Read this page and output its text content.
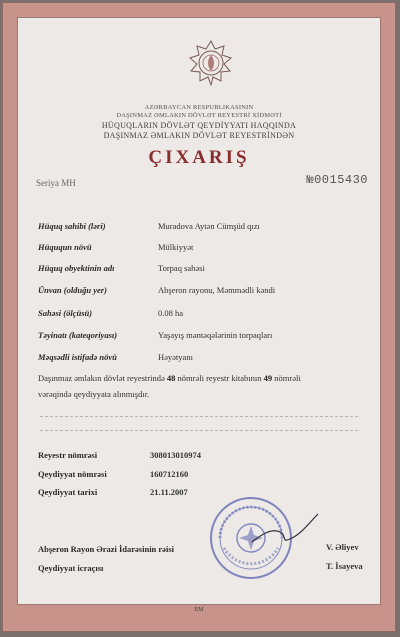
AZƏRBAYCAN RESPUBLIKASININ
DAŞINMAZ ƏMLAKIN DÖVLƏT REYESTRİ XİDMƏTİ
HÜQUQLARIN DÖVLƏT QEYDİYYATI HAQQINDA
DAŞINMAZ ƏMLAKIN DÖVLƏT REYESTRİNDƏN
ÇIXARIŞ
Seriya MH	№0015430
Hüquq sahibi (ləri)	Muradova Aytən Cümşüd qızı
Hüququn növü	Mülkiyyət
Hüquq obyektinin adı	Torpaq sahəsi
Ünvan (olduğu yer)	Abşeron rayonu, Məmmədli kəndi
Sahəsi (ölçüsü)	0.08 ha
Təyinatı (kateqoriyası)	Yaşayış məntəqələrinin torpaqları
Məqsədli istifadə növü	Həyətyanı
Daşınmaz əmlakın dövlət reyestrində 48 nömrəli reyestr kitabının 49 nömrəli
vərəqində qeydiyyata alınmışdır.
Reyestr nömrəsi	308013010974
Qeydiyyat nömrəsi	160712160
Qeydiyyat tarixi	21.11.2007
Abşeron Rayon Ərazi İdarəsinin rəisi	V. Əliyev
Qeydiyyat icraçısı	T. İsayeva
EM
